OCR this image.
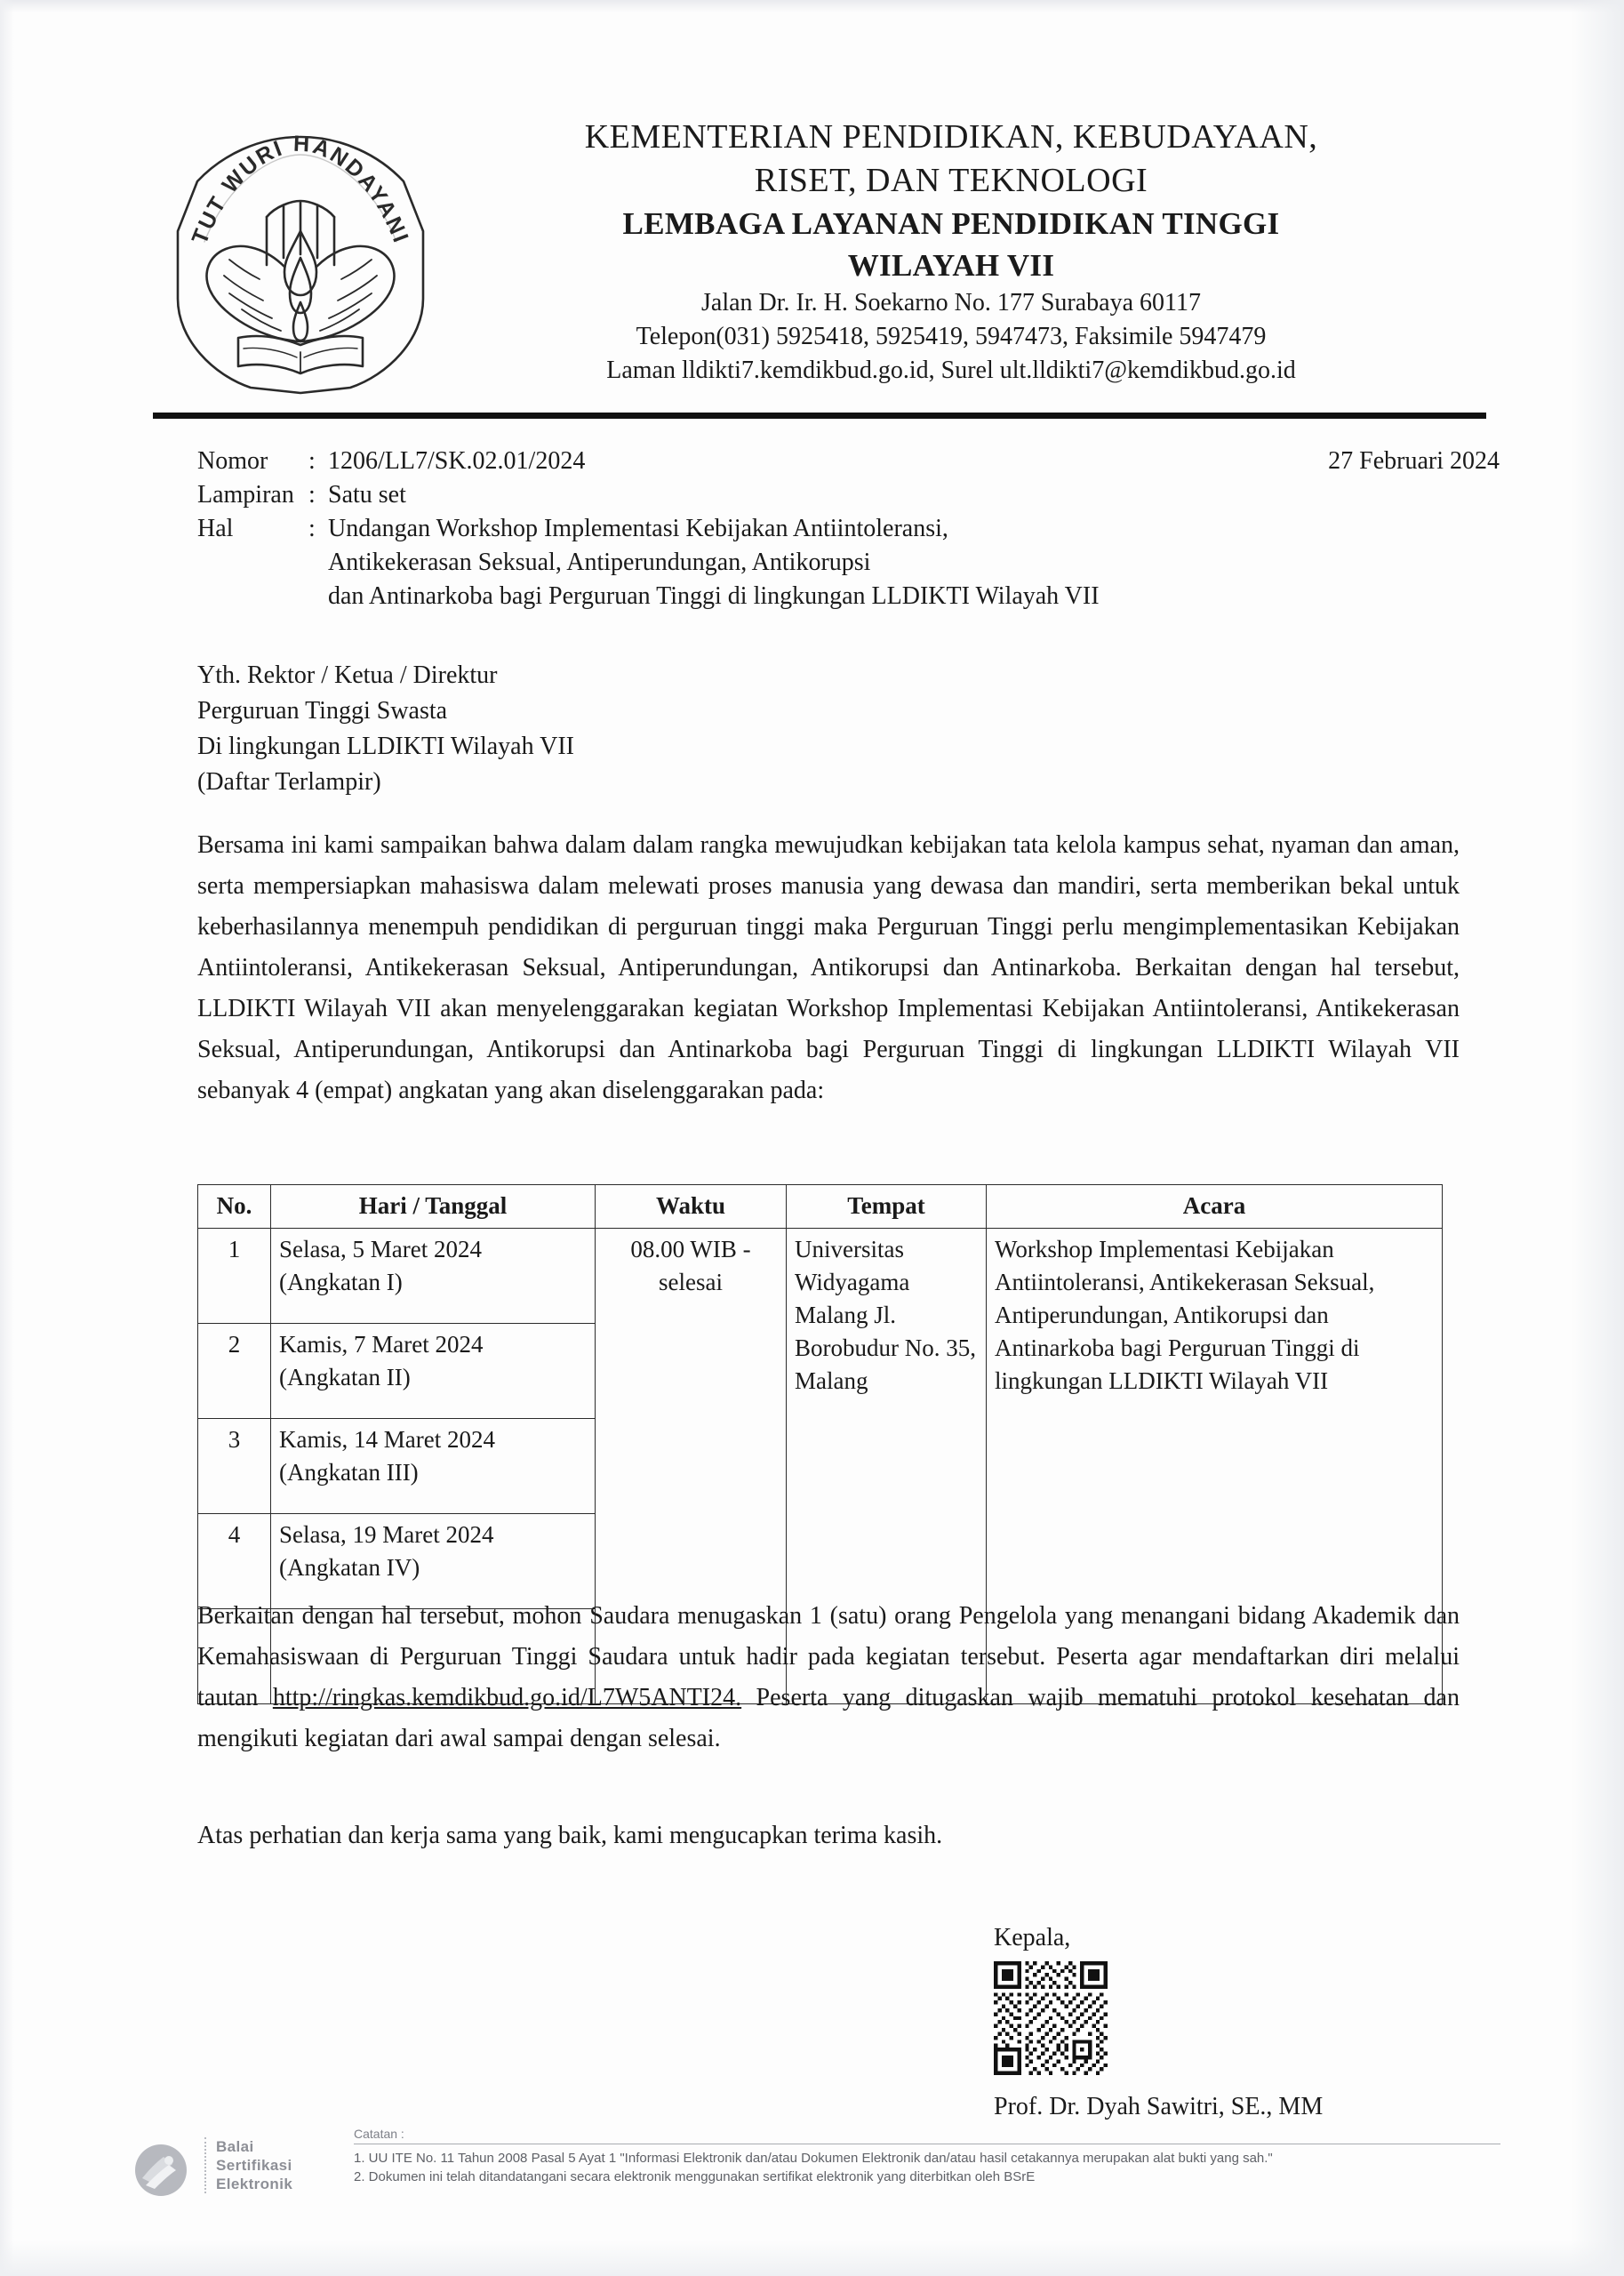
TUT WURI HANDAYANI
KEMENTERIAN PENDIDIKAN, KEBUDAYAAN,
RISET, DAN TEKNOLOGI
LEMBAGA LAYANAN PENDIDIKAN TINGGI
WILAYAH VII
Jalan Dr. Ir. H. Soekarno No. 177 Surabaya 60117
Telepon(031) 5925418, 5925419, 5947473, Faksimile 5947479
Laman lldikti7.kemdikbud.go.id, Surel ult.lldikti7@kemdikbud.go.id
Nomor	: 1206/LL7/SK.02.01/2024
Lampiran : Satu set
Hal	: Undangan Workshop Implementasi Kebijakan Antiintoleransi,
Antikekerasan Seksual, Antiperundungan, Antikorupsi
dan Antinarkoba bagi Perguruan Tinggi di lingkungan LLDIKTI Wilayah VII
27 Februari 2024
Yth. Rektor / Ketua / Direktur
Perguruan Tinggi Swasta
Di lingkungan LLDIKTI Wilayah VII
(Daftar Terlampir)
Bersama ini kami sampaikan bahwa dalam dalam rangka mewujudkan kebijakan tata kelola kampus sehat, nyaman dan aman, serta mempersiapkan mahasiswa dalam melewati proses manusia yang dewasa dan mandiri, serta memberikan bekal untuk keberhasilannya menempuh pendidikan di perguruan tinggi maka Perguruan Tinggi perlu mengimplementasikan Kebijakan Antiintoleransi, Antikekerasan Seksual, Antiperundungan, Antikorupsi dan Antinarkoba. Berkaitan dengan hal tersebut, LLDIKTI Wilayah VII akan menyelenggarakan kegiatan Workshop Implementasi Kebijakan Antiintoleransi, Antikekerasan Seksual, Antiperundungan, Antikorupsi dan Antinarkoba bagi Perguruan Tinggi di lingkungan LLDIKTI Wilayah VII sebanyak 4 (empat) angkatan yang akan diselenggarakan pada:
No.	Hari / Tanggal	Waktu	Tempat	Acara
1	Selasa, 5 Maret 2024
(Angkatan I)	08.00 WIB - selesai	Universitas Widyagama Malang Jl. Borobudur No. 35, Malang	Workshop Implementasi Kebijakan Antiintoleransi, Antikekerasan Seksual, Antiperundungan, Antikorupsi dan Antinarkoba bagi Perguruan Tinggi di lingkungan LLDIKTI Wilayah VII
2	Kamis, 7 Maret 2024
(Angkatan II)			
3	Kamis, 14 Maret 2024
(Angkatan III)			
4	Selasa, 19 Maret 2024
(Angkatan IV)			

Berkaitan dengan hal tersebut, mohon Saudara menugaskan 1 (satu) orang Pengelola yang menangani bidang Akademik dan Kemahasiswaan di Perguruan Tinggi Saudara untuk hadir pada kegiatan tersebut. Peserta agar mendaftarkan diri melalui tautan http://ringkas.kemdikbud.go.id/L7W5ANTI24. Peserta yang ditugaskan wajib mematuhi protokol kesehatan dan mengikuti kegiatan dari awal sampai dengan selesai.
Atas perhatian dan kerja sama yang baik, kami mengucapkan terima kasih.
Kepala,
Prof. Dr. Dyah Sawitri, SE., MM
Balai
Sertifikasi
Elektronik
Catatan :
1. UU ITE No. 11 Tahun 2008 Pasal 5 Ayat 1 "Informasi Elektronik dan/atau Dokumen Elektronik dan/atau hasil cetakannya merupakan alat bukti yang sah."
2. Dokumen ini telah ditandatangani secara elektronik menggunakan sertifikat elektronik yang diterbitkan oleh BSrE
